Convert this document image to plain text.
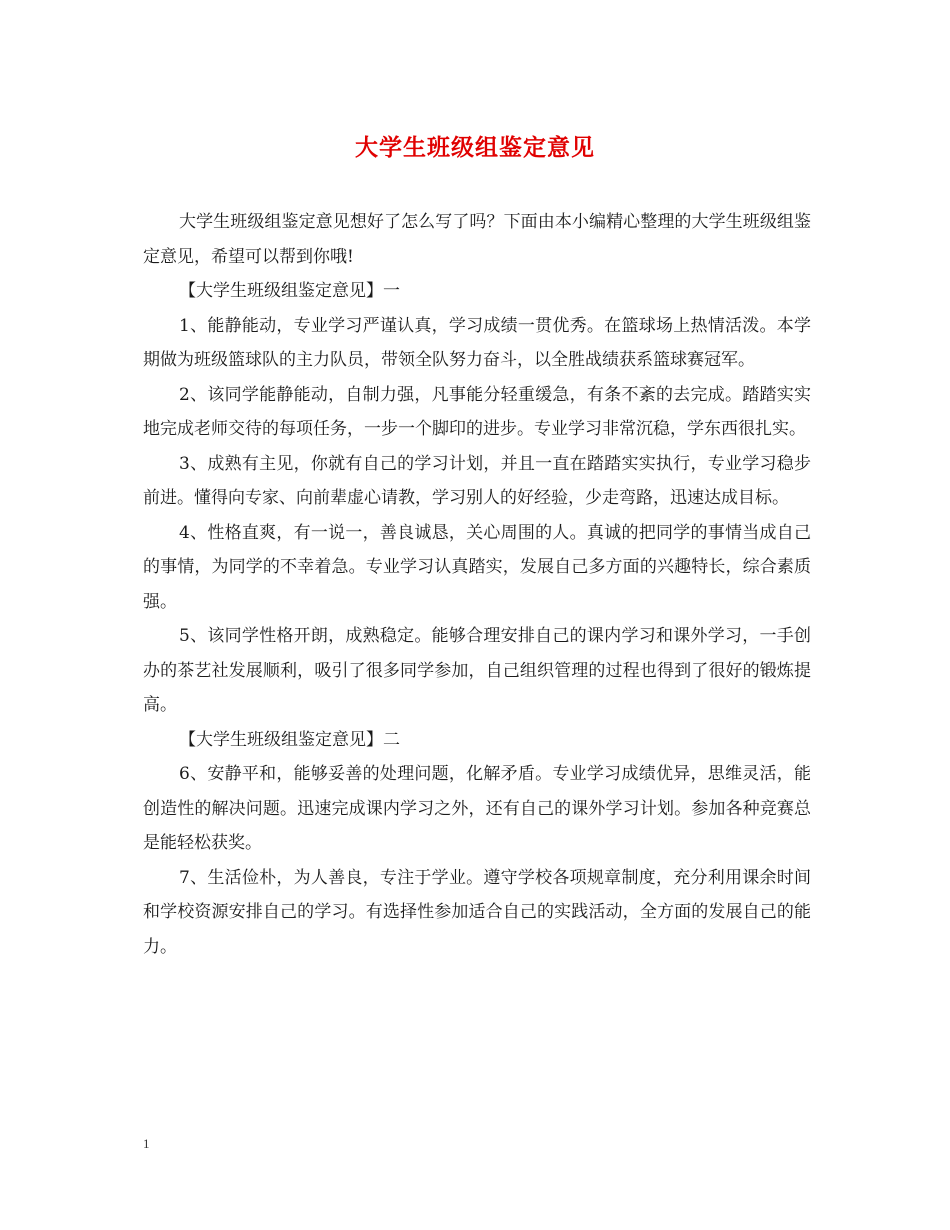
大学生班级组鉴定意见

大学生班级组鉴定意见想好了怎么写了吗？下面由本小编精心整理的大学生班级组鉴定意见，希望可以帮到你哦!

【大学生班级组鉴定意见】一

1、能静能动，专业学习严谨认真，学习成绩一贯优秀。在篮球场上热情活泼。本学期做为班级篮球队的主力队员，带领全队努力奋斗，以全胜战绩获系篮球赛冠军。

2、该同学能静能动，自制力强，凡事能分轻重缓急，有条不紊的去完成。踏踏实实地完成老师交待的每项任务，一步一个脚印的进步。专业学习非常沉稳，学东西很扎实。

3、成熟有主见，你就有自己的学习计划，并且一直在踏踏实实执行，专业学习稳步前进。懂得向专家、向前辈虚心请教，学习别人的好经验，少走弯路，迅速达成目标。

4、性格直爽，有一说一，善良诚恳，关心周围的人。真诚的把同学的事情当成自己的事情，为同学的不幸着急。专业学习认真踏实，发展自己多方面的兴趣特长，综合素质强。

5、该同学性格开朗，成熟稳定。能够合理安排自己的课内学习和课外学习，一手创办的茶艺社发展顺利，吸引了很多同学参加，自己组织管理的过程也得到了很好的锻炼提高。

【大学生班级组鉴定意见】二

6、安静平和，能够妥善的处理问题，化解矛盾。专业学习成绩优异，思维灵活，能创造性的解决问题。迅速完成课内学习之外，还有自己的课外学习计划。参加各种竞赛总是能轻松获奖。

7、生活俭朴，为人善良，专注于学业。遵守学校各项规章制度，充分利用课余时间和学校资源安排自己的学习。有选择性参加适合自己的实践活动，全方面的发展自己的能力。

1
